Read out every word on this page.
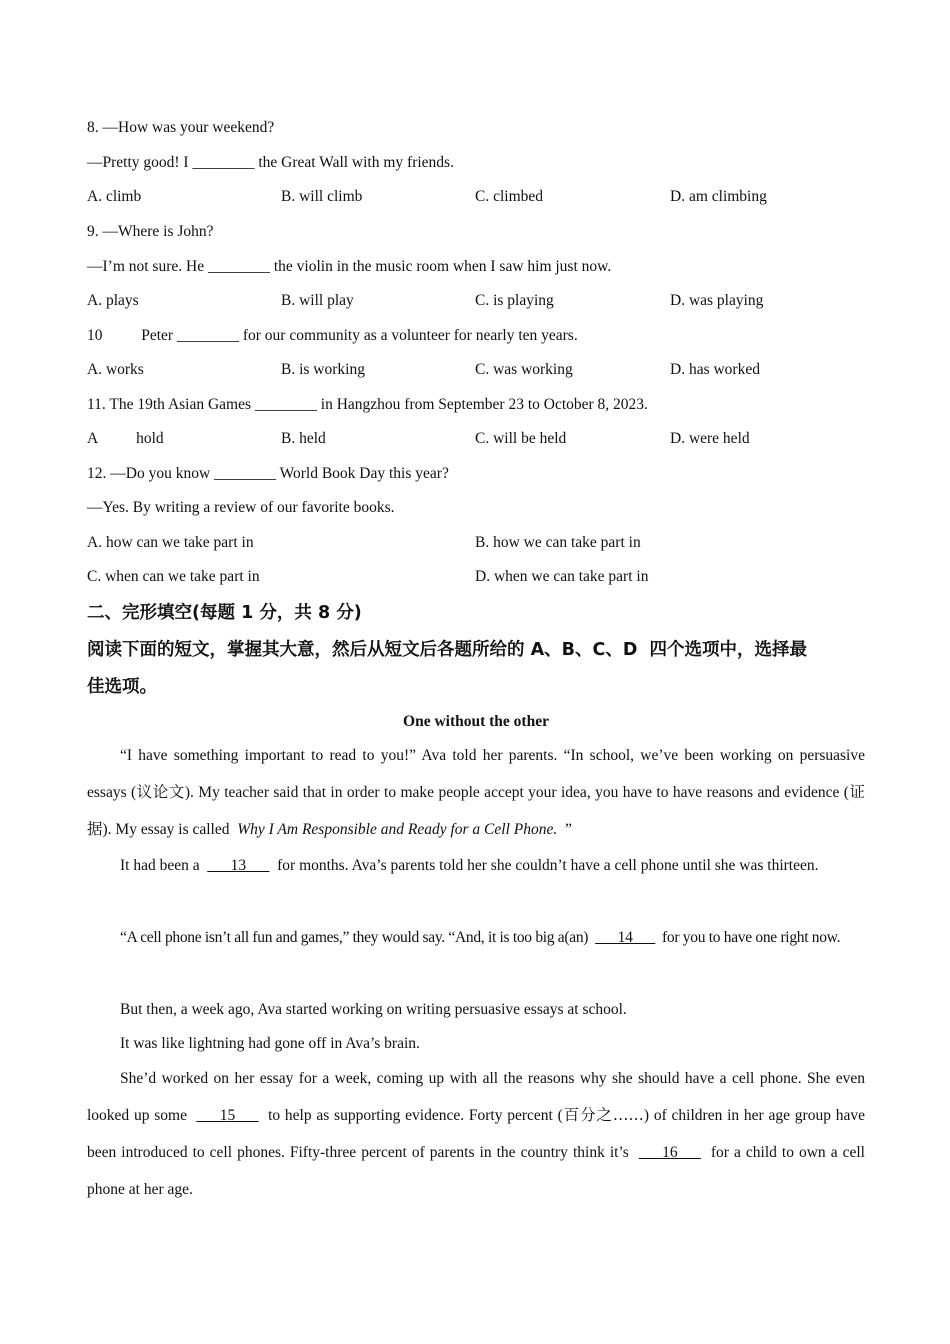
8. —How was your weekend?
—Pretty good! I ________ the Great Wall with my friends.
A. climb	B. will climb	C. climbed	D. am climbing
9. —Where is John?
—I’m not sure. He ________ the violin in the music room when I saw him just now.
A. plays	B. will play	C. is playing	D. was playing
10          Peter ________ for our community as a volunteer for nearly ten years.
A. works	B. is working	C. was working	D. has worked
11. The 19th Asian Games ________ in Hangzhou from September 23 to October 8, 2023.
A          hold	B. held	C. will be held	D. were held
12. —Do you know ________ World Book Day this year?
—Yes. By writing a review of our favorite books.
A. how can we take part in	B. how we can take part in
C. when can we take part in	D. when we can take part in
二、完形填空(每题 1 分，共 8 分)
阅读下面的短文，掌握其大意，然后从短文后各题所给的 A、B、C、D  四个选项中，选择最
佳选项。
One without the other
“I have something important to read to you!” Ava told her parents. “In school, we’ve been working on persuasive essays (议论文). My teacher said that in order to make people accept your idea, you have to have reasons and evidence (证据). My essay is called  Why I Am Responsible and Ready for a Cell Phone.  ”
It had been a  ___13___  for months. Ava’s parents told her she couldn’t have a cell phone until she was thirteen.
“A cell phone isn’t all fun and games,” they would say. “And, it is too big a(an)  ___14___  for you to have one right now.
But then, a week ago, Ava started working on writing persuasive essays at school.
It was like lightning had gone off in Ava’s brain.
She’d worked on her essay for a week, coming up with all the reasons why she should have a cell phone. She even looked up some  ___15___  to help as supporting evidence. Forty percent (百分之……) of children in her age group have been introduced to cell phones. Fifty-three percent of parents in the country think it’s  ___16___  for a child to own a cell phone at her age.
